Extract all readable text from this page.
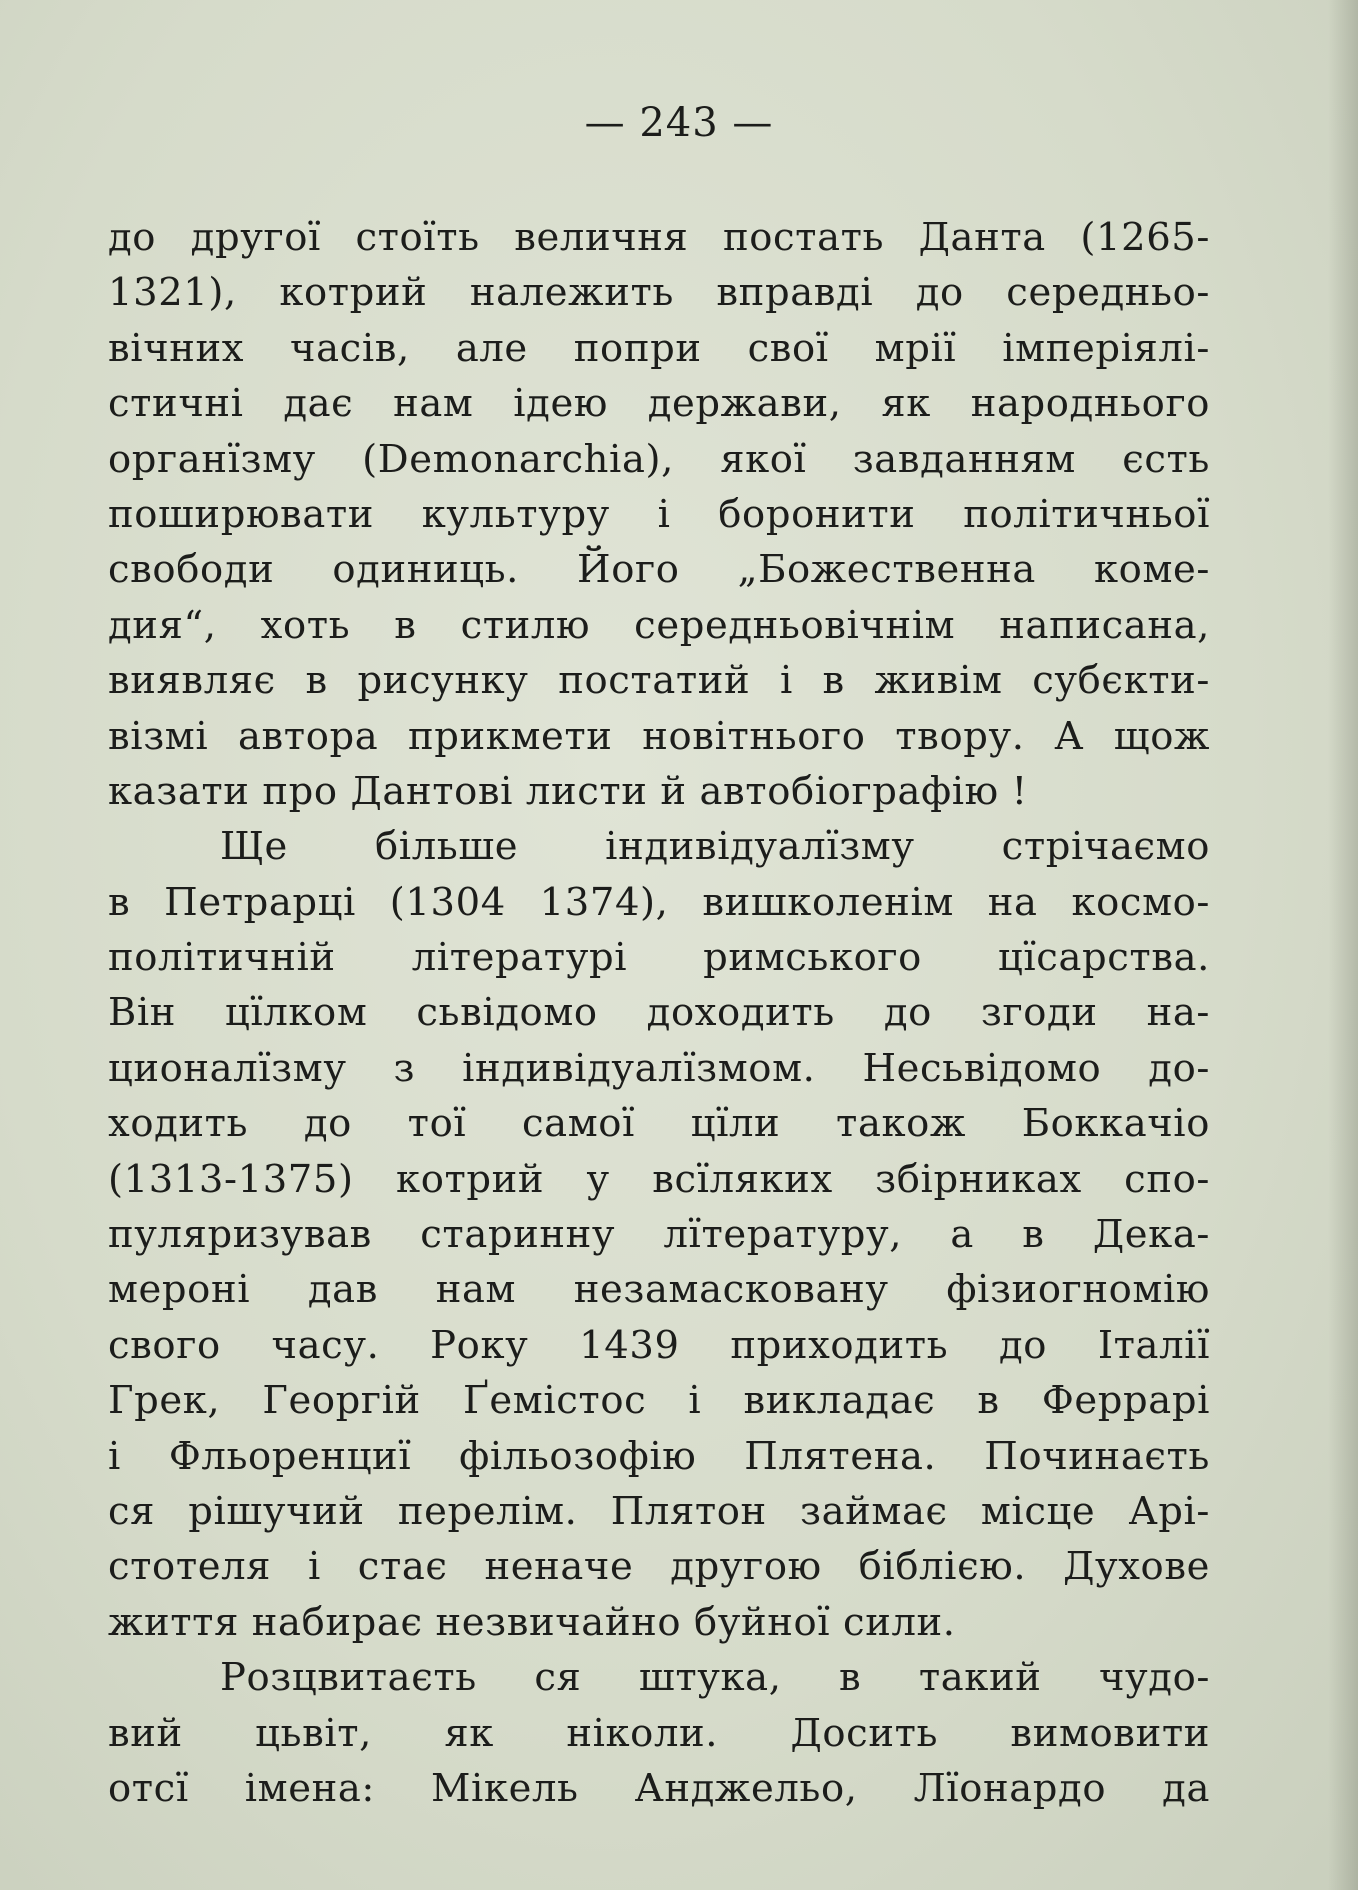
— 243 —
до другої стоїть величня постать Данта (1265-
1321), котрий належить вправді до середньо-
вічних часів, але попри свої мрії імперіялі-
стичні дає нам ідею держави, як народнього
органїзму (Demonarchia), якої завданням єсть
поширювати культуру і боронити політичньої
свободи одиниць. Його „Божественна коме-
дия“, хоть в стилю середньовічнім написана,
виявляє в рисунку постатий і в живім субєкти-
візмі автора прикмети новітнього твору. А щож
казати про Дантові листи й автобіографію !
Ще більше індивідуалїзму стрічаємо
в Петрарці (1304 1374), вишколенім на космо-
політичній літературі римського цїсарства.
Він цїлком сьвідомо доходить до згоди на-
ционалїзму з індивідуалїзмом. Несьвідомо до-
ходить до тої самої цїли також Боккачіо
(1313-1375) котрий у всїляких збірниках спо-
пуляризував старинну лїтературу, а в Дека-
мероні дав нам незамасковану фізиогномію
свого часу. Року 1439 приходить до Італії
Грек, Георгій Ґемістос і викладає в Феррарі
і Фльоренциї фільозофію Плятена. Починаєть
ся рішучий перелім. Плятон займає місце Арі-
стотеля і стає неначе другою біблією. Духове
життя набирає незвичайно буйної сили.
Розцвитаєть ся штука, в такий чудо-
вий цьвіт, як ніколи. Досить вимовити
отсї імена: Мікель Анджельо, Лїонардо да
